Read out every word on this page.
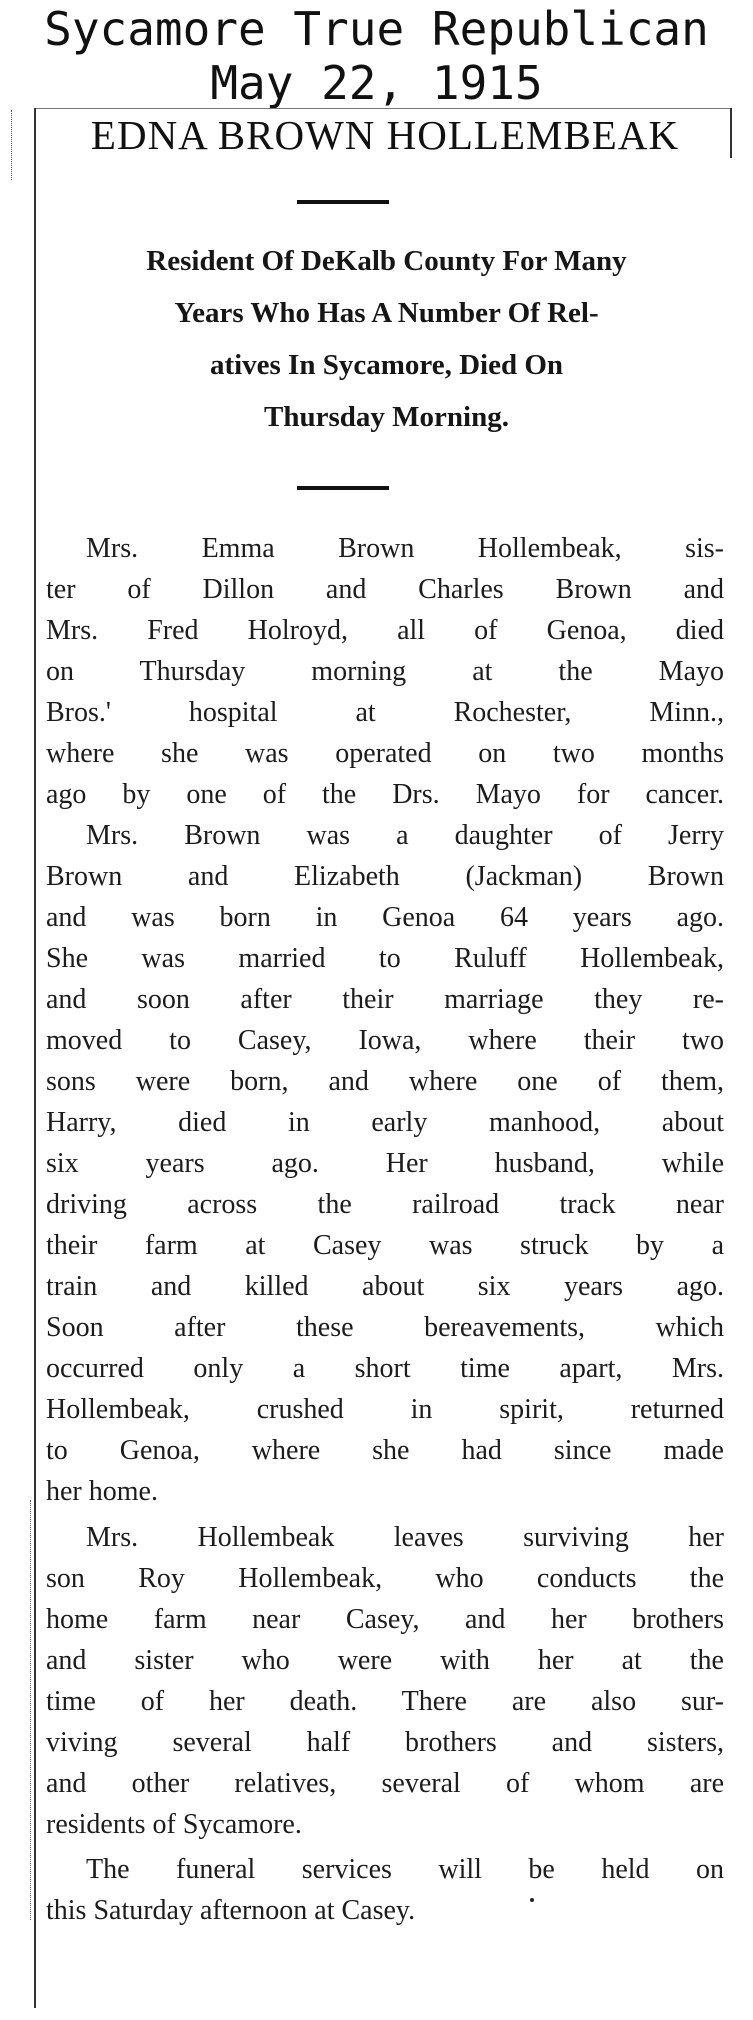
Sycamore True Republican
May 22, 1915
EDNA BROWN HOLLEMBEAK
Resident Of DeKalb County For Many
Years Who Has A Number Of Rel-
atives In Sycamore, Died On
Thursday Morning.
Mrs. Emma Brown Hollembeak, sis-
ter of Dillon and Charles Brown and
Mrs. Fred Holroyd, all of Genoa, died
on Thursday morning at the Mayo
Bros.' hospital at Rochester, Minn.,
where she was operated on two months
ago by one of the Drs. Mayo for cancer.
Mrs. Brown was a daughter of Jerry
Brown and Elizabeth (Jackman) Brown
and was born in Genoa 64 years ago.
She was married to Ruluff Hollembeak,
and soon after their marriage they re-
moved to Casey, Iowa, where their two
sons were born, and where one of them,
Harry, died in early manhood, about
six years ago. Her husband, while
driving across the railroad track near
their farm at Casey was struck by a
train and killed about six years ago.
Soon after these bereavements, which
occurred only a short time apart, Mrs.
Hollembeak, crushed in spirit, returned
to Genoa, where she had since made
her home.
Mrs. Hollembeak leaves surviving her
son Roy Hollembeak, who conducts the
home farm near Casey, and her brothers
and sister who were with her at the
time of her death. There are also sur-
viving several half brothers and sisters,
and other relatives, several of whom are
residents of Sycamore.
The funeral services will be held on
this Saturday afternoon at Casey.
